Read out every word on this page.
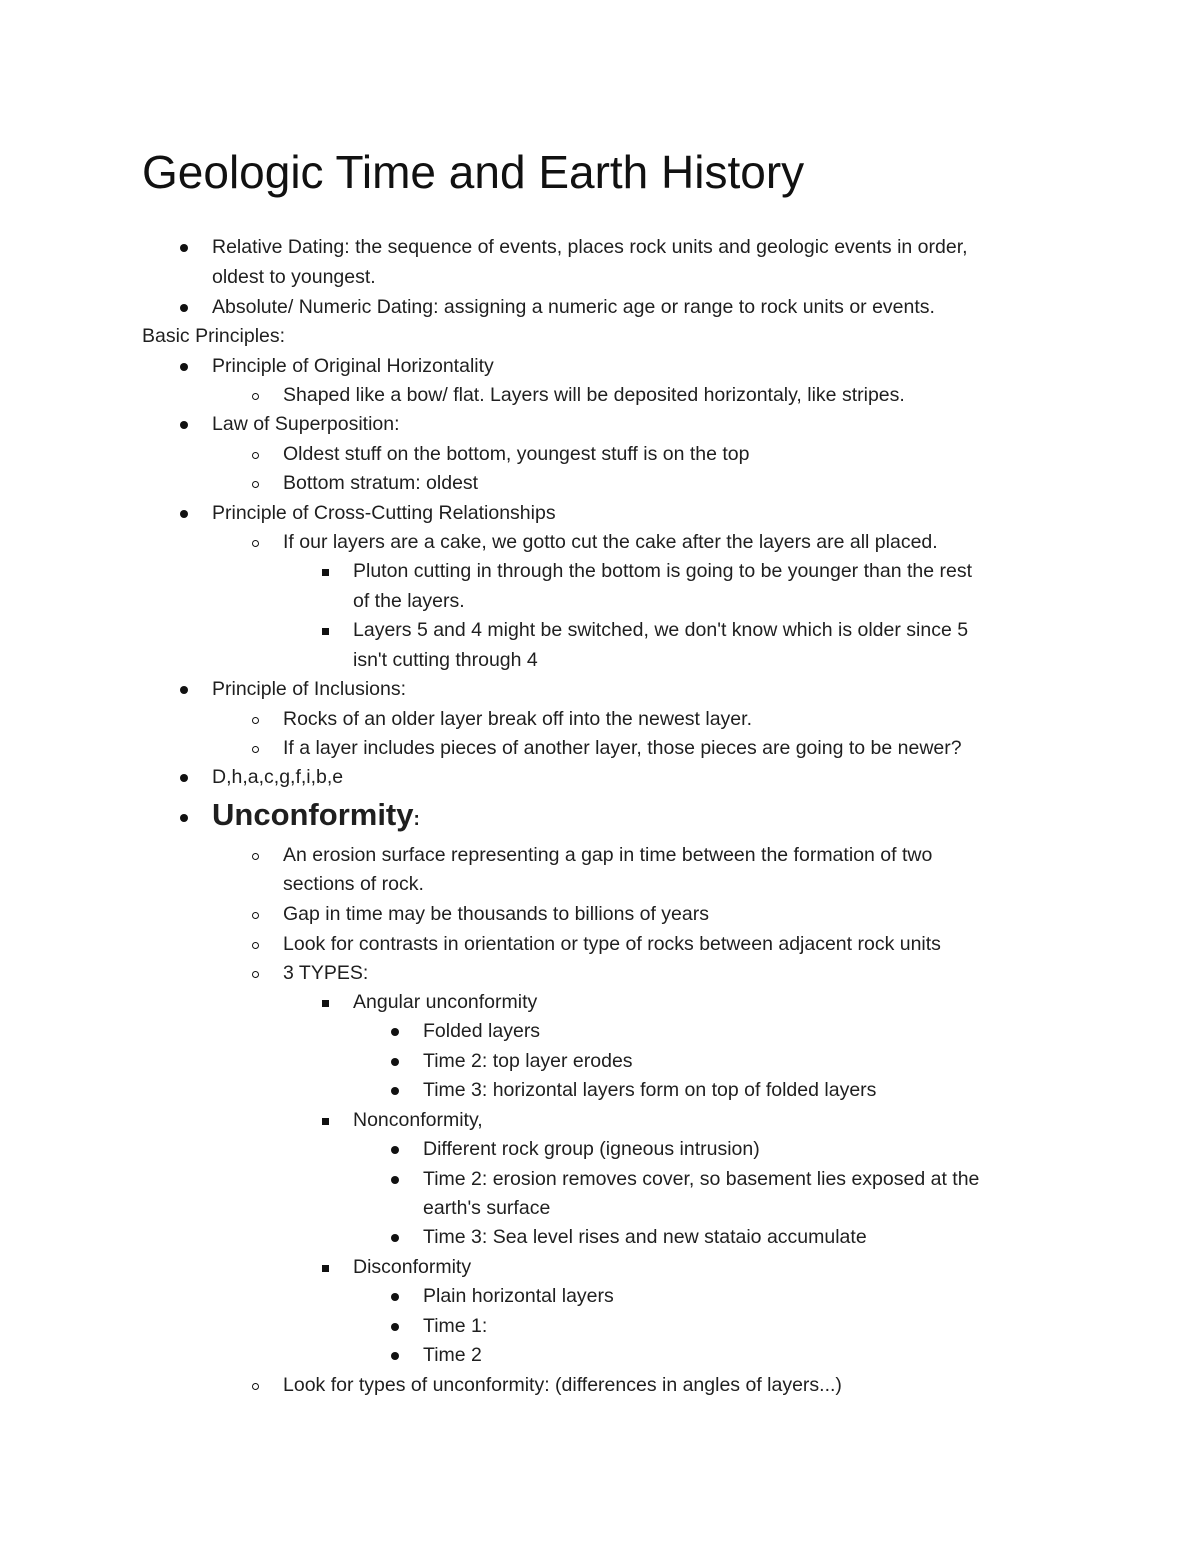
Geologic Time and Earth History
Relative Dating: the sequence of events, places rock units and geologic events in order,
oldest to youngest.
Absolute/ Numeric Dating: assigning a numeric age or range to rock units or events.
Basic Principles:
Principle of Original Horizontality
Shaped like a bow/ flat. Layers will be deposited horizontaly, like stripes.
Law of Superposition:
Oldest stuff on the bottom, youngest stuff is on the top
Bottom stratum: oldest
Principle of Cross-Cutting Relationships
If our layers are a cake, we gotto cut the cake after the layers are all placed.
Pluton cutting in through the bottom is going to be younger than the rest
of the layers.
Layers 5 and 4 might be switched, we don't know which is older since 5
isn't cutting through 4
Principle of Inclusions:
Rocks of an older layer break off into the newest layer.
If a layer includes pieces of another layer, those pieces are going to be newer?
D,h,a,c,g,f,i,b,e
Unconformity:
An erosion surface representing a gap in time between the formation of two
sections of rock.
Gap in time may be thousands to billions of years
Look for contrasts in orientation or type of rocks between adjacent rock units
3 TYPES:
Angular unconformity
Folded layers
Time 2: top layer erodes
Time 3: horizontal layers form on top of folded layers
Nonconformity,
Different rock group (igneous intrusion)
Time 2: erosion removes cover, so basement lies exposed at the
earth's surface
Time 3: Sea level rises and new stataio accumulate
Disconformity
Plain horizontal layers
Time 1:
Time 2
Look for types of unconformity: (differences in angles of layers...)
